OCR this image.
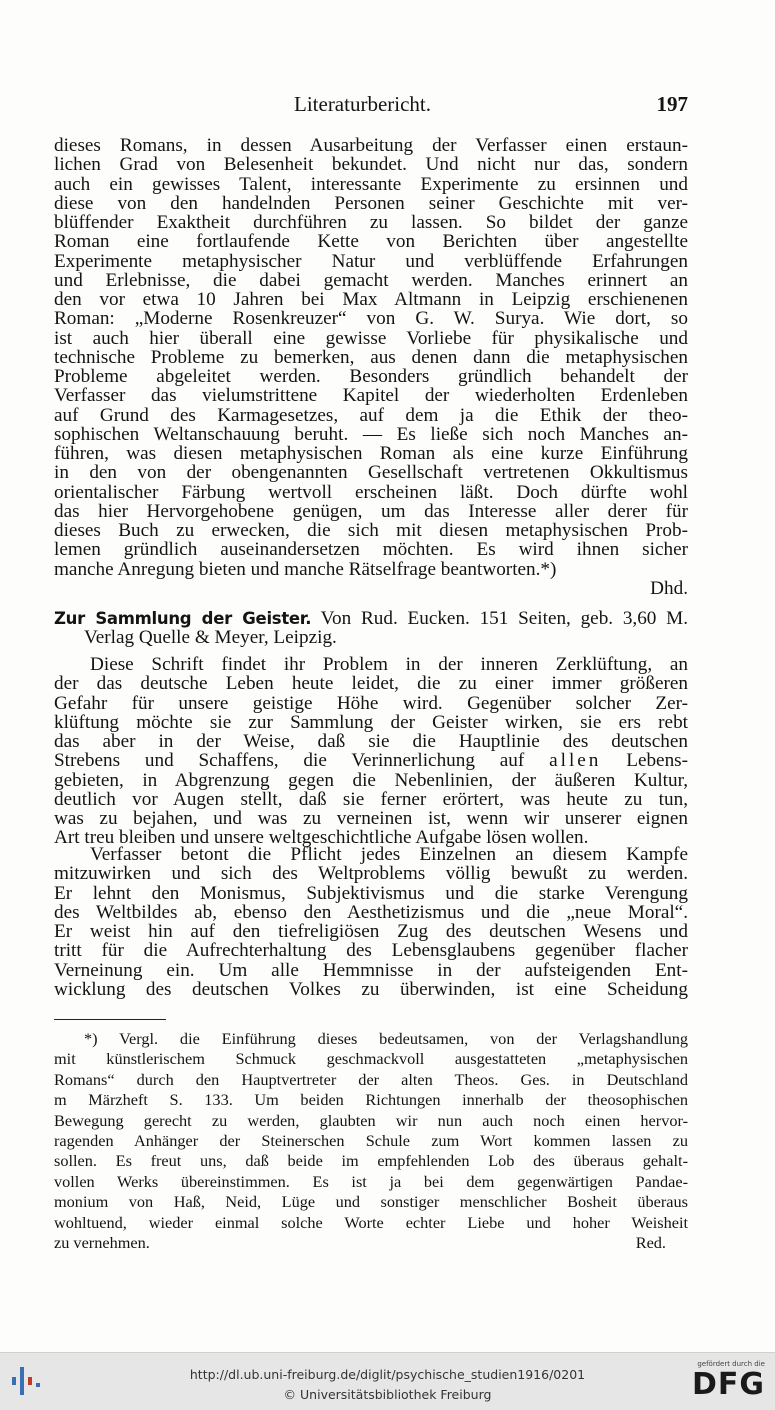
Literaturbericht.	197
dieses Romans, in dessen Ausarbeitung der Verfasser einen erstaun-
lichen Grad von Belesenheit bekundet. Und nicht nur das, sondern
auch ein gewisses Talent, interessante Experimente zu ersinnen und
diese von den handelnden Personen seiner Geschichte mit ver-
blüffender Exaktheit durchführen zu lassen. So bildet der ganze
Roman eine fortlaufende Kette von Berichten über angestellte
Experimente metaphysischer Natur und verblüffende Erfahrungen
und Erlebnisse, die dabei gemacht werden. Manches erinnert an
den vor etwa 10 Jahren bei Max Altmann in Leipzig erschienenen
Roman: „Moderne Rosenkreuzer“ von G. W. Surya. Wie dort, so
ist auch hier überall eine gewisse Vorliebe für physikalische und
technische Probleme zu bemerken, aus denen dann die metaphysischen
Probleme abgeleitet werden. Besonders gründlich behandelt der
Verfasser das vielumstrittene Kapitel der wiederholten Erdenleben
auf Grund des Karmagesetzes, auf dem ja die Ethik der theo-
sophischen Weltanschauung beruht. — Es ließe sich noch Manches an-
führen, was diesen metaphysischen Roman als eine kurze Einführung
in den von der obengenannten Gesellschaft vertretenen Okkultismus
orientalischer Färbung wertvoll erscheinen läßt. Doch dürfte wohl
das hier Hervorgehobene genügen, um das Interesse aller derer für
dieses Buch zu erwecken, die sich mit diesen metaphysischen Prob-
lemen gründlich auseinandersetzen möchten. Es wird ihnen sicher
manche Anregung bieten und manche Rätselfrage beantworten.*)
Dhd.
Zur Sammlung der Geister. Von Rud. Eucken. 151 Seiten, geb. 3,60 M.
Verlag Quelle & Meyer, Leipzig.
Diese Schrift findet ihr Problem in der inneren Zerklüftung, an
der das deutsche Leben heute leidet, die zu einer immer größeren
Gefahr für unsere geistige Höhe wird. Gegenüber solcher Zer-
klüftung möchte sie zur Sammlung der Geister wirken, sie ers rebt
das aber in der Weise, daß sie die Hauptlinie des deutschen
Strebens und Schaffens, die Verinnerlichung auf allen Lebens-
gebieten, in Abgrenzung gegen die Nebenlinien, der äußeren Kultur,
deutlich vor Augen stellt, daß sie ferner erörtert, was heute zu tun,
was zu bejahen, und was zu verneinen ist, wenn wir unserer eignen
Art treu bleiben und unsere weltgeschichtliche Aufgabe lösen wollen.
Verfasser betont die Pflicht jedes Einzelnen an diesem Kampfe
mitzuwirken und sich des Weltproblems völlig bewußt zu werden.
Er lehnt den Monismus, Subjektivismus und die starke Verengung
des Weltbildes ab, ebenso den Aesthetizismus und die „neue Moral“.
Er weist hin auf den tiefreligiösen Zug des deutschen Wesens und
tritt für die Aufrechterhaltung des Lebensglaubens gegenüber flacher
Verneinung ein. Um alle Hemmnisse in der aufsteigenden Ent-
wicklung des deutschen Volkes zu überwinden, ist eine Scheidung
*) Vergl. die Einführung dieses bedeutsamen, von der Verlagshandlung
mit künstlerischem Schmuck geschmackvoll ausgestatteten „metaphysischen
Romans“ durch den Hauptvertreter der alten Theos. Ges. in Deutschland
m Märzheft S. 133. Um beiden Richtungen innerhalb der theosophischen
Bewegung gerecht zu werden, glaubten wir nun auch noch einen hervor-
ragenden Anhänger der Steinerschen Schule zum Wort kommen lassen zu
sollen. Es freut uns, daß beide im empfehlenden Lob des überaus gehalt-
vollen Werks übereinstimmen. Es ist ja bei dem gegenwärtigen Pandae-
monium von Haß, Neid, Lüge und sonstiger menschlicher Bosheit überaus
wohltuend, wieder einmal solche Worte echter Liebe und hoher Weisheit
zu vernehmen.	Red.
http://dl.ub.uni-freiburg.de/diglit/psychische_studien1916/0201
© Universitätsbibliothek Freiburg
gefördert durch die
DFG
